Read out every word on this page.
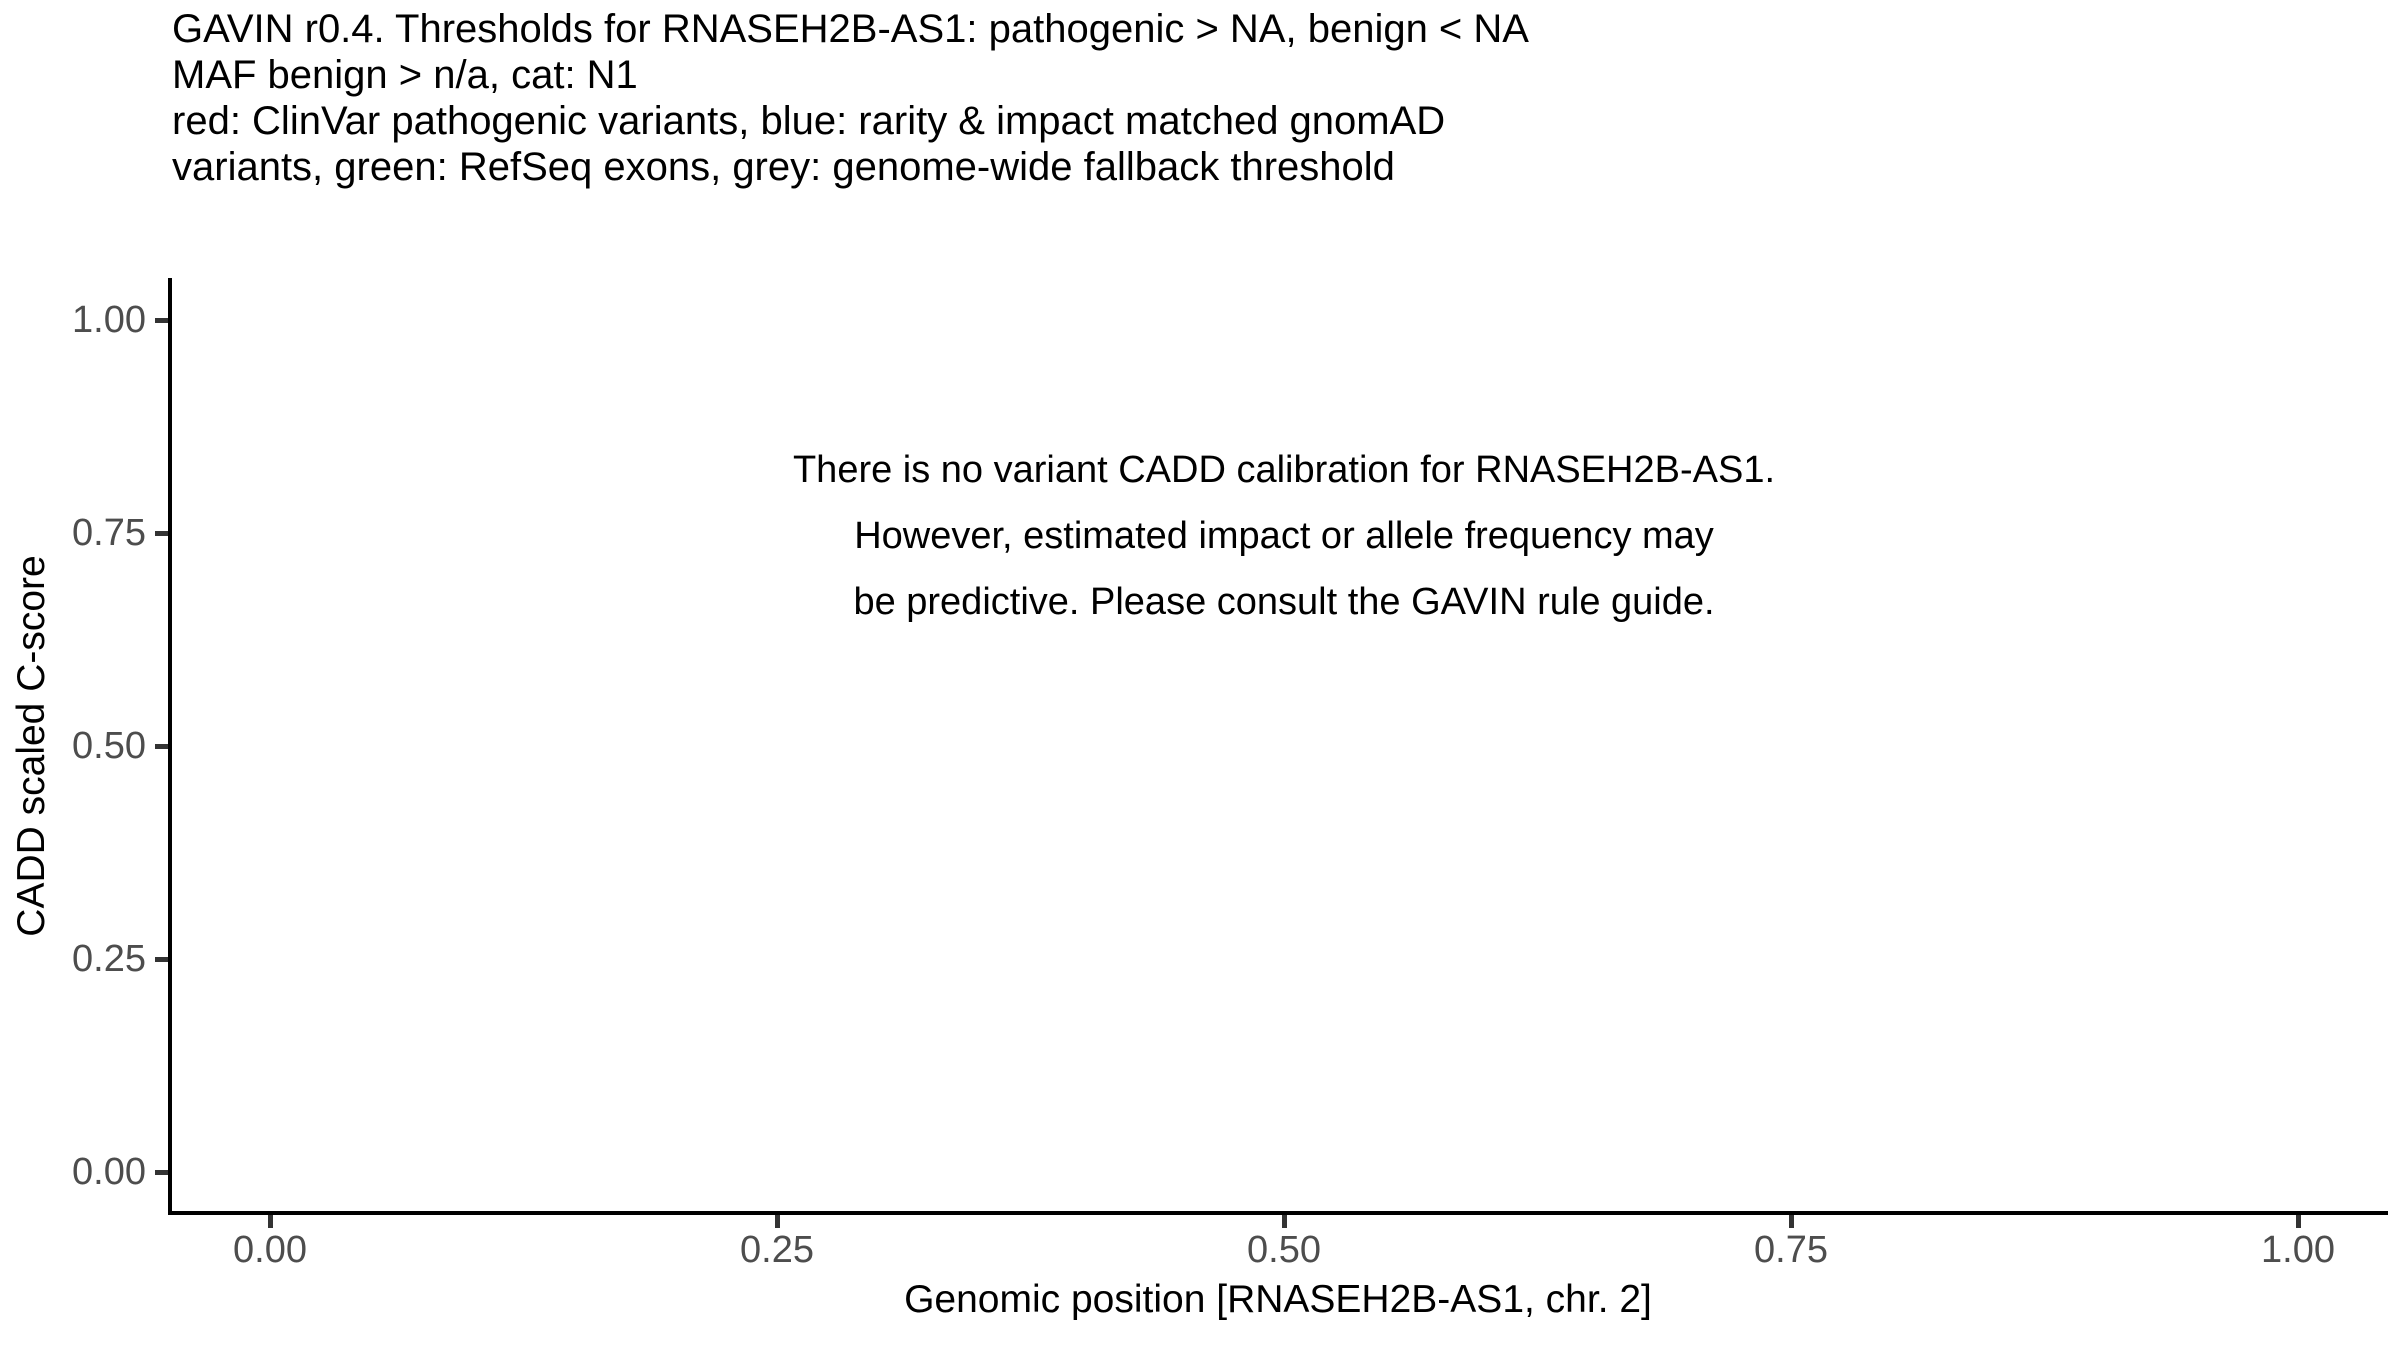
GAVIN r0.4. Thresholds for RNASEH2B-AS1: pathogenic > NA, benign < NA
MAF benign > n/a, cat: N1
red: ClinVar pathogenic variants, blue: rarity & impact matched gnomAD
variants, green: RefSeq exons, grey: genome-wide fallback threshold
There is no variant CADD calibration for RNASEH2B-AS1.
However, estimated impact or allele frequency may
be predictive. Please consult the GAVIN rule guide.
0.00	0.25	0.50	0.75	1.00
1.00
0.75
0.50
0.25
0.00
Genomic position [RNASEH2B-AS1, chr. 2]
CADD scaled C-score
